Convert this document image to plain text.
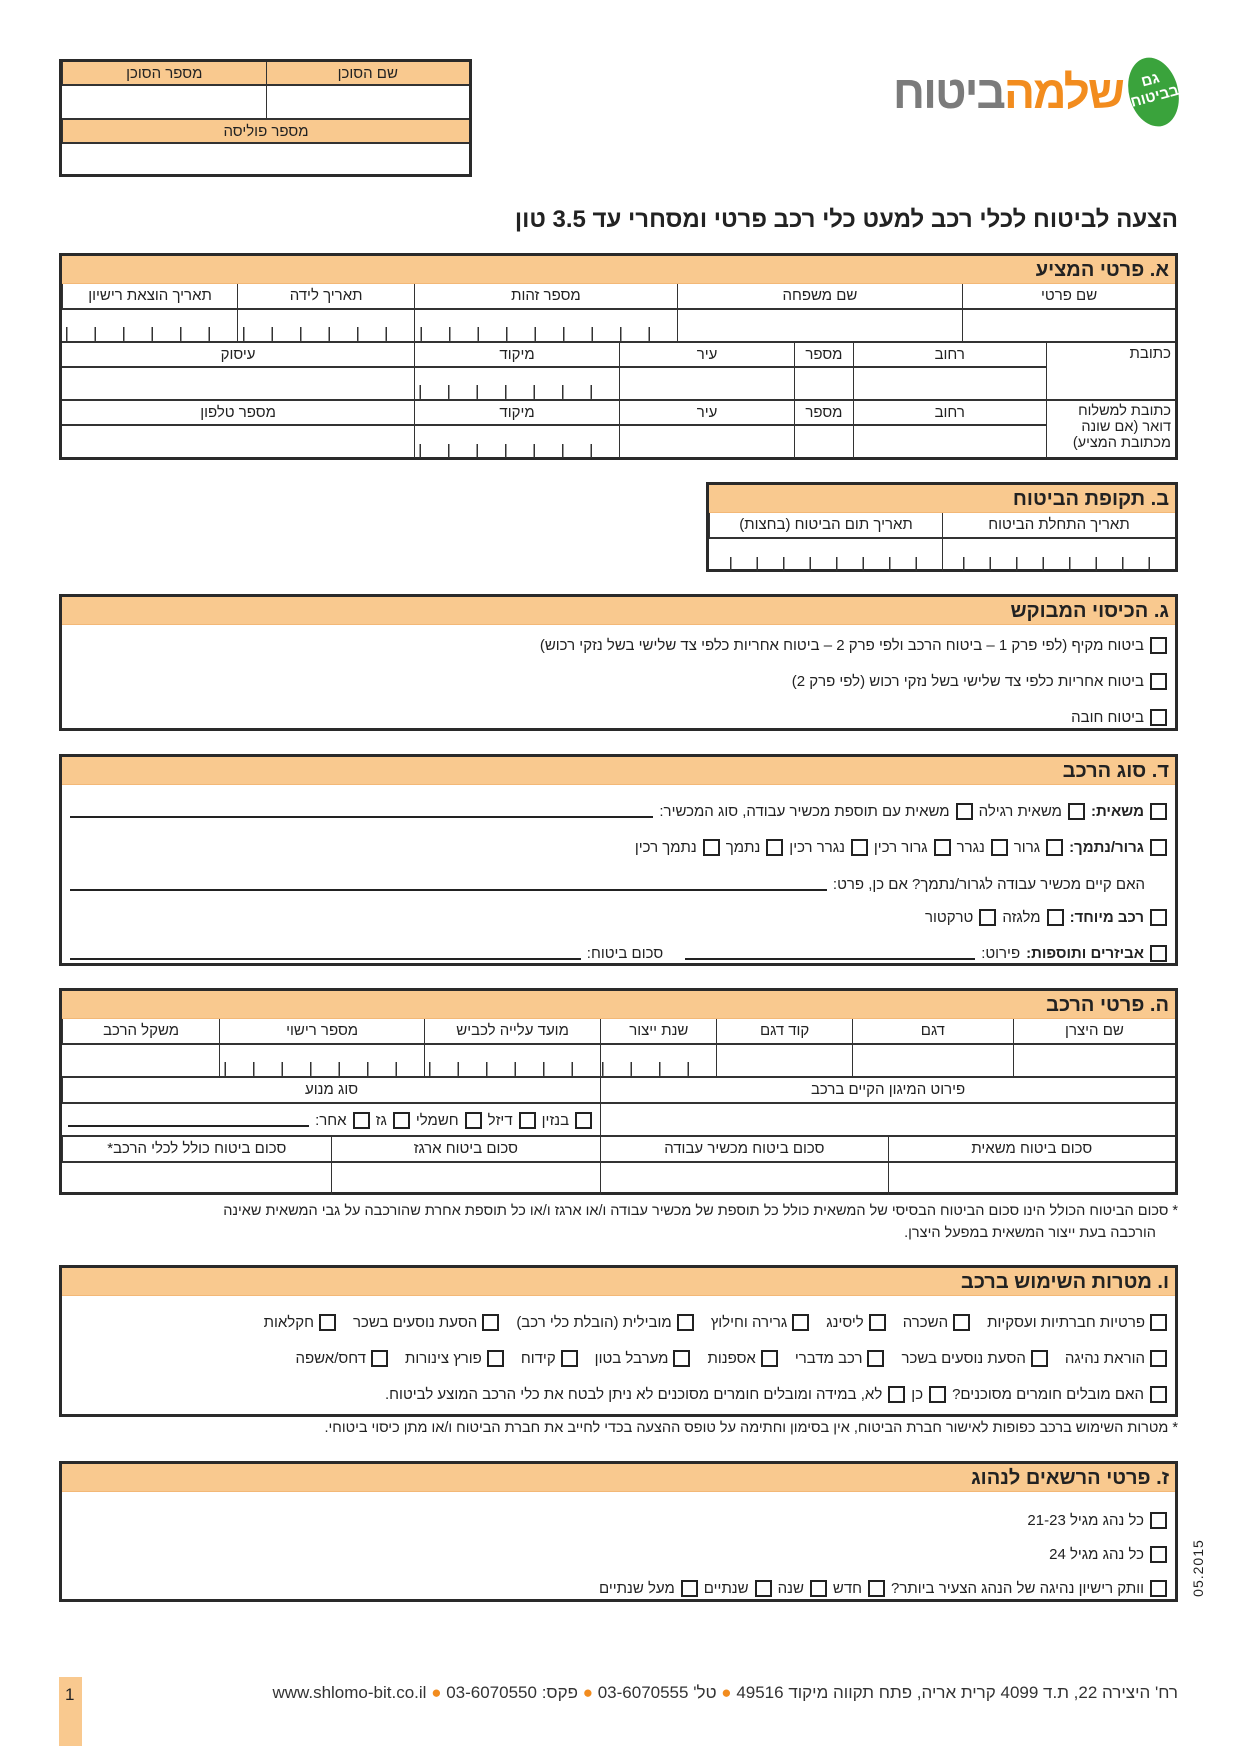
שם הסוכן
מספר הסוכן
מספר פוליסה
גם בביטוח
שלמהביטוח
הצעה לביטוח לכלי רכב למעט כלי רכב פרטי ומסחרי עד 3.5 טון
א. פרטי המציע
שם פרטי
שם משפחה
מספר זהות
תאריך לידה
תאריך הוצאת רישיון
כתובת
רחוב
מספר
עיר
מיקוד
עיסוק
כתובת למשלוח דואר (אם שונה מכתובת המציע)
רחוב
מספר
עיר
מיקוד
מספר טלפון
ב. תקופת הביטוח
תאריך התחלת הביטוח
תאריך תום הביטוח (בחצות)
ג. הכיסוי המבוקש
ביטוח מקיף (לפי פרק 1 – ביטוח הרכב ולפי פרק 2 – ביטוח אחריות כלפי צד שלישי בשל נזקי רכוש)
ביטוח אחריות כלפי צד שלישי בשל נזקי רכוש (לפי פרק 2)
ביטוח חובה
ד. סוג הרכב
משאית:
משאית רגילה
משאית עם תוספת מכשיר עבודה, סוג המכשיר:
גרור/נתמך:
גרור
נגרר
גרור רכין
נגרר רכין
נתמך
נתמך רכין
האם קיים מכשיר עבודה לגרור/נתמך? אם כן, פרט:
רכב מיוחד:
מלגזה
טרקטור
אביזרים ותוספות:
פירוט:
סכום ביטוח:
ה. פרטי הרכב
שם היצרן
דגם
קוד דגם
שנת ייצור
מועד עלייה לכביש
מספר רישוי
משקל הרכב
פירוט המיגון הקיים ברכב
סוג מנוע
בנזין
דיזל
חשמלי
גז
אחר:
סכום ביטוח משאית
סכום ביטוח מכשיר עבודה
סכום ביטוח ארגז
סכום ביטוח כולל לכלי הרכב*
* סכום הביטוח הכולל הינו סכום הביטוח הבסיסי של המשאית כולל כל תוספת של מכשיר עבודה ו/או ארגז ו/או כל תוספת אחרת שהורכבה על גבי המשאית שאינה
הורכבה בעת ייצור המשאית במפעל היצרן.
ו. מטרות השימוש ברכב
פרטיות חברתיות ועסקיות
השכרה
ליסינג
גרירה וחילוץ
מובילית (הובלת כלי רכב)
הסעת נוסעים בשכר
חקלאות
הוראת נהיגה
הסעת נוסעים בשכר
רכב מדברי
אספנות
מערבל בטון
קידוח
פורץ צינורות
דחס/אשפה
האם מובלים חומרים מסוכנים?
כן
לא, במידה ומובלים חומרים מסוכנים לא ניתן לבטח את כלי הרכב המוצע לביטוח.
* מטרות השימוש ברכב כפופות לאישור חברת הביטוח, אין בסימון וחתימה על טופס ההצעה בכדי לחייב את חברת הביטוח ו/או מתן כיסוי ביטוחי.
ז. פרטי הרשאים לנהוג
כל נהג מגיל 21-23
כל נהג מגיל 24
וותק רישיון נהיגה של הנהג הצעיר ביותר?
חדש
שנה
שנתיים
מעל שנתיים	05.2015
1	רח' היצירה 22, ת.ד 4099 קרית אריה, פתח תקווה מיקוד 49516 ● טל' 03-6070555 ● פקס: 03-6070550 ● www.shlomo-bit.co.il
